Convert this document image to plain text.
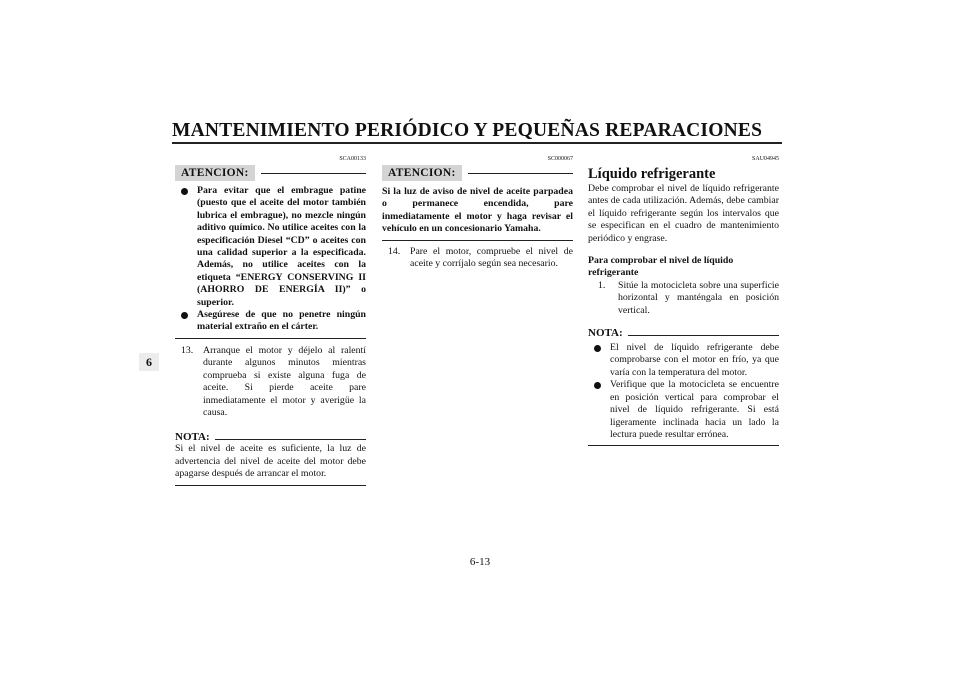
MANTENIMIENTO PERIÓDICO Y PEQUEÑAS REPARACIONES
6
SCA00133
ATENCION:
Para evitar que el embrague patine (puesto que el aceite del motor también lubrica el embrague), no mezcle ningún aditivo químico. No utilice aceites con la especificación Diesel “CD” o aceites con una calidad superior a la especificada. Además, no utilice aceites con la etiqueta “ENERGY CONSERVING II (AHORRO DE ENERGÍA II)” o superior.
Asegúrese de que no penetre ningún material extraño en el cárter.
13. Arranque el motor y déjelo al ralentí durante algunos minutos mientras comprueba si existe alguna fuga de aceite. Si pierde aceite pare inmediatamente el motor y averigüe la causa.
NOTA:
Si el nivel de aceite es suficiente, la luz de advertencia del nivel de aceite del motor debe apagarse después de arrancar el motor.
SC000067
ATENCION:
Si la luz de aviso de nivel de aceite parpadea o permanece encendida, pare inmediatamente el motor y haga revisar el vehículo en un concesionario Yamaha.
14. Pare el motor, compruebe el nivel de aceite y corríjalo según sea necesario.
SAU04945
Líquido refrigerante
Debe comprobar el nivel de líquido refrigerante antes de cada utilización. Además, debe cambiar el líquido refrigerante según los intervalos que se especifican en el cuadro de mantenimiento periódico y engrase.
Para comprobar el nivel de líquido refrigerante
1. Sitúe la motocicleta sobre una superficie horizontal y manténgala en posición vertical.
NOTA:
El nivel de líquido refrigerante debe comprobarse con el motor en frío, ya que varía con la temperatura del motor.
Verifique que la motocicleta se encuentre en posición vertical para comprobar el nivel de líquido refrigerante. Si está ligeramente inclinada hacia un lado la lectura puede resultar errónea.
6-13
